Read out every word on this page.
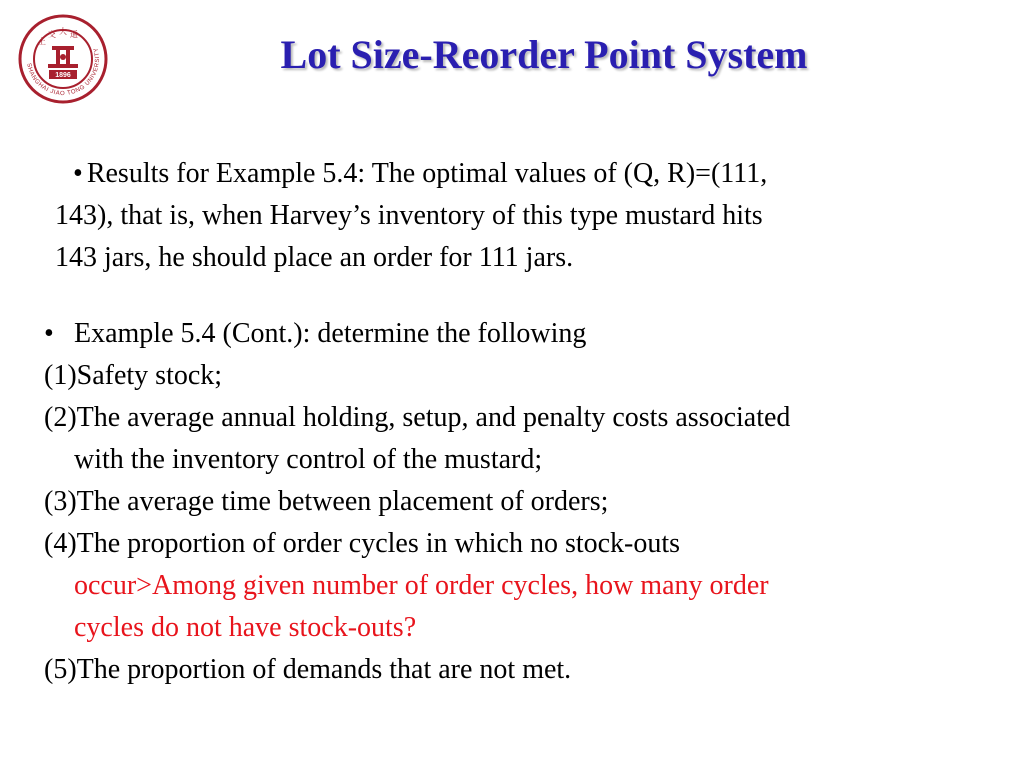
SHANGHAI JIAO TONG UNIVERSITY
交 大 通
上
1896	Lot Size-Reorder Point System
• Results for Example 5.4: The optimal values of (Q, R)=(111,
143), that is, when Harvey’s inventory of this type mustard hits
143 jars, he should place an order for 111 jars.
• Example 5.4 (Cont.): determine the following
(1)Safety stock;
(2)The average annual holding, setup, and penalty costs associated
with the inventory control of the mustard;
(3)The average time between placement of orders;
(4)The proportion of order cycles in which no stock-outs
occur>Among given number of order cycles, how many order
cycles do not have stock-outs?
(5)The proportion of demands that are not met.
